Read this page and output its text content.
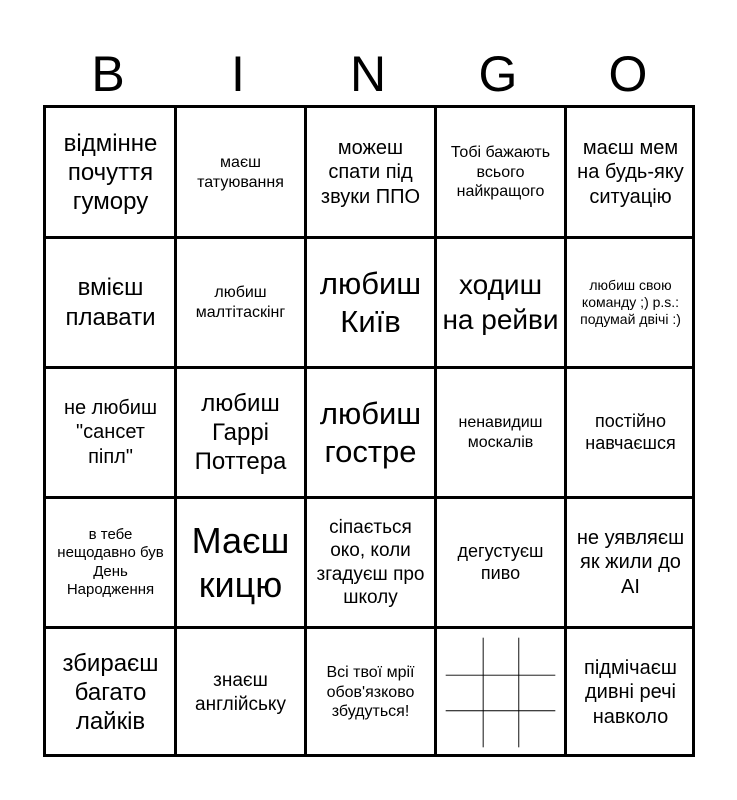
B	I	N	G	O
відмінне почуття гумору
маєш татуювання
можеш спати під звуки ППО
Тобі бажають всього найкращого
маєш мем на будь-яку ситуацію
вмієш плавати
любиш малтітаскінг
любиш Київ
ходиш на рейви
любиш свою команду ;) p.s.: подумай двічі :)
не любиш "сансет піпл"
любиш Гаррі Поттера
любиш гостре
ненавидиш москалів
постійно навчаєшся
в тебе нещодавно був День Народження
Маєш кицю
сіпається око, коли згадуєш про школу
дегустуєш пиво
не уявляєш як жили до AI
збираєш багато лайків
знаєш англійську
Всі твої мрії обов'язково збудуться!
підмічаєш дивні речі навколо
